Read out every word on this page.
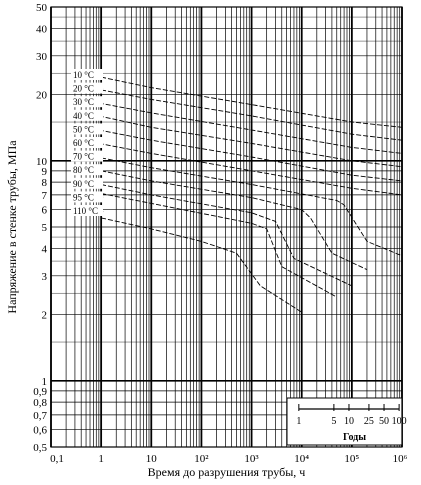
10 °C
20 °C
30 °C
40 °C
50 °C
60 °C
70 °C
80 °C
90 °C
95 °C
110 °C
1	5 10 25 50 100
Годы
0,1	1	10	10²	10³	10⁴	10⁵	10⁶
50
40
30
20
10
9
8
7
6
5
4
3
2
1
0,9
0,8
0,7
0,6
0,5
Время до разрушения трубы, ч
Напряжение в стенке трубы, МПа
